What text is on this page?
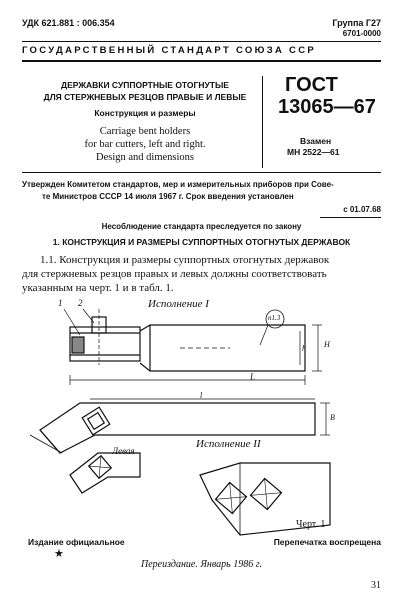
УДК 621.881 : 006.354	Группа Г27
6701-0000
ГОСУДАРСТВЕННЫЙ СТАНДАРТ СОЮЗА ССР
ДЕРЖАВКИ СУППОРТНЫЕ ОТОГНУТЫЕ
ДЛЯ СТЕРЖНЕВЫХ РЕЗЦОВ ПРАВЫЕ И ЛЕВЫЕ
Конструкция и размеры
Carriage bent holders
for bar cutters, left and right.
Design and dimensions
ГОСТ
13065—67
Взамен
МН 2522—61
Утвержден Комитетом стандартов, мер и измерительных приборов при Сове-
те Министров СССР 14 июля 1967 г. Срок введения установлен
с 01.07.68
Несоблюдение стандарта преследуется по закону
1. КОНСТРУКЦИЯ И РАЗМЕРЫ СУППОРТНЫХ ОТОГНУТЫХ ДЕРЖАВОК
1.1. Конструкция и размеры суппортных отогнутых державок
для стержневых резцов правых и левых должны соответствовать
указанным на черт. 1 и в табл. 1.
1 2	Исполнение I
п1.3
H
h
L
l
B
Левая
Исполнение II
Черт. 1
Издание официальное	Перепечатка воспрещена
★
Переиздание. Январь 1986 г.
31
